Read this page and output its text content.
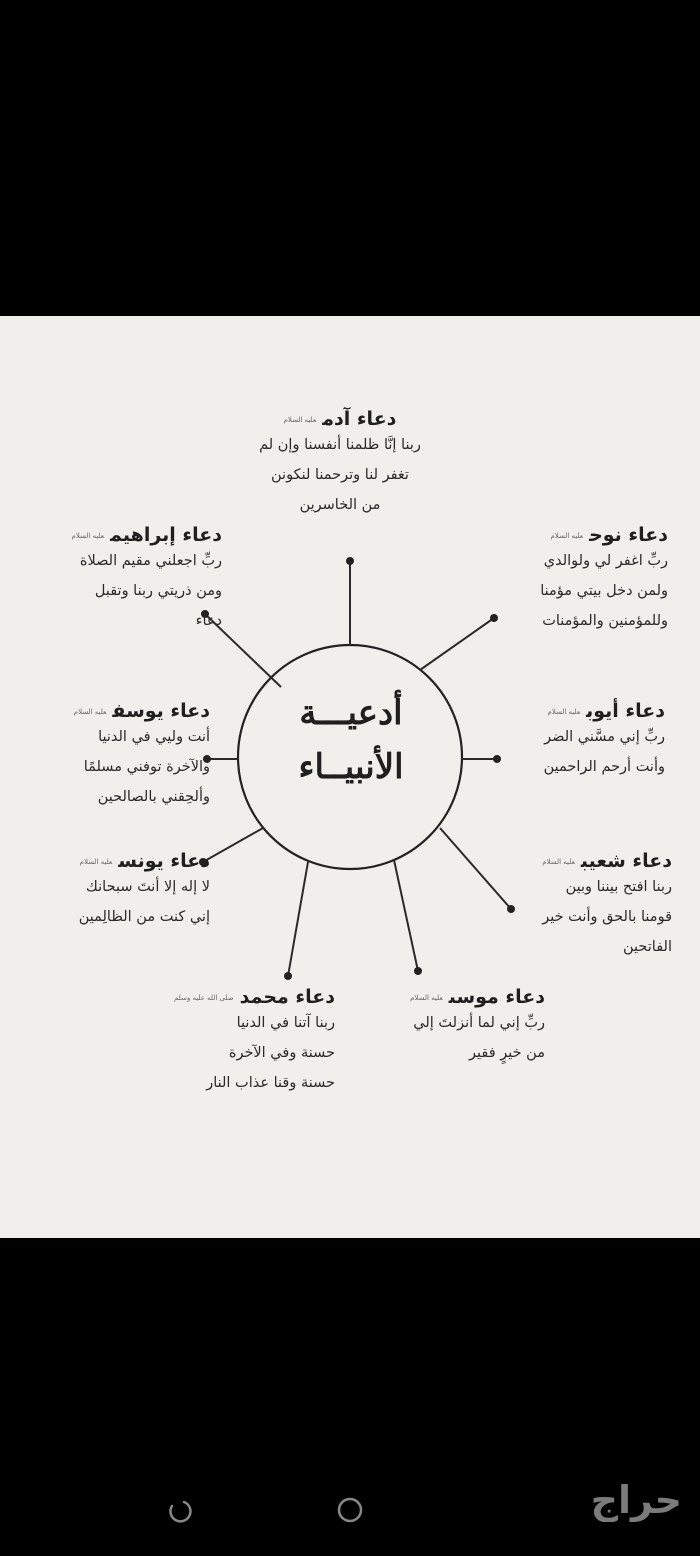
أدعيـــة
الأنبيــاء
دعاء آدمعليه السلام
ربنا إنَّا ظلمنا أنفسنا وإن لم
تغفر لنا وترحمنا لنكونن
من الخاسرين
دعاء نوحعليه السلام
ربِّ اغفر لي ولوالدي
ولمن دخل بيتي مؤمنا
وللمؤمنين والمؤمنات
دعاء إبراهيمعليه السلام
ربِّ اجعلني مقيم الصلاة
ومن ذريتي ربنا وتقبل
دعاء
دعاء أيوبعليه السلام
ربِّ إني مسَّني الضر
وأنت أرحم الراحمين
دعاء يوسفعليه السلام
أنت وليي في الدنيا
والآخرة توفني مسلمًا
وألحِقني بالصالحين
دعاء شعيبعليه السلام
ربنا افتح بيننا وبين
قومنا بالحق وأنت خير
الفاتحين
دعاء يونسعليه السلام
لا إله إلا أنتَ سبحانك
إني كنت من الظالِمين
دعاء محمدصلى الله عليه وسلم
ربنا آتنا في الدنيا
حسنة وفي الآخرة
حسنة وقنا عذاب النار
دعاء موسىعليه السلام
ربِّ إني لما أنزلتَ إلي
من خيرٍ فقير
حراج
